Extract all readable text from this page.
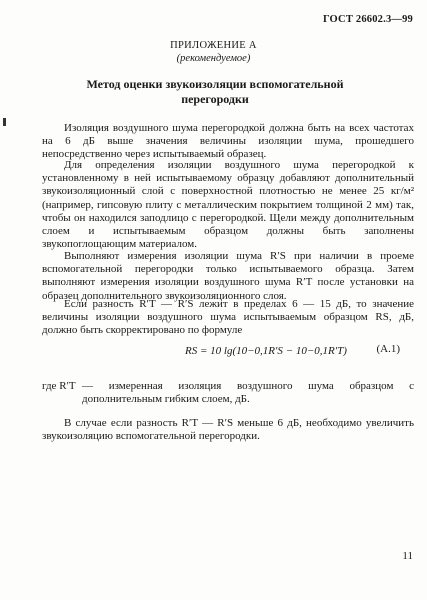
ГОСТ 26602.3—99
ПРИЛОЖЕНИЕ А
(рекомендуемое)
Метод оценки звукоизоляции вспомогательной перегородки
Изоляция воздушного шума перегородкой должна быть на всех частотах на 6 дБ выше значения величины изоляции шума, прошедшего непосредственно через испытываемый образец.
Для определения изоляции воздушного шума перегородкой к установленному в ней испытываемому образцу добавляют дополнительный звукоизоляционный слой с поверхностной плотностью не менее 25 кг/м² (например, гипсовую плиту с металлическим покрытием толщиной 2 мм) так, чтобы он находился заподлицо с перегородкой. Щели между дополнительным слоем и испытываемым образцом должны быть заполнены звукопоглощающим материалом.
Выполняют измерения изоляции шума R′S при наличии в проеме вспомогательной перегородки только испытываемого образца. Затем выполняют измерения изоляции воздушного шума R′T после установки на образец дополнительного звукоизоляционного слоя.
Если разность R′T — R′S лежит в пределах 6 — 15 дБ, то значение величины изоляции воздушного шума испытываемым образцом RS, дБ, должно быть скорректировано по формуле
RS = 10 lg(10−0,1R′S − 10−0,1R′T)	(А.1)
где R′T — измеренная изоляция воздушного шума образцом с дополнительным гибким слоем, дБ.
В случае если разность R′T — R′S меньше 6 дБ, необходимо увеличить звукоизоляцию вспомогательной перегородки.
11
